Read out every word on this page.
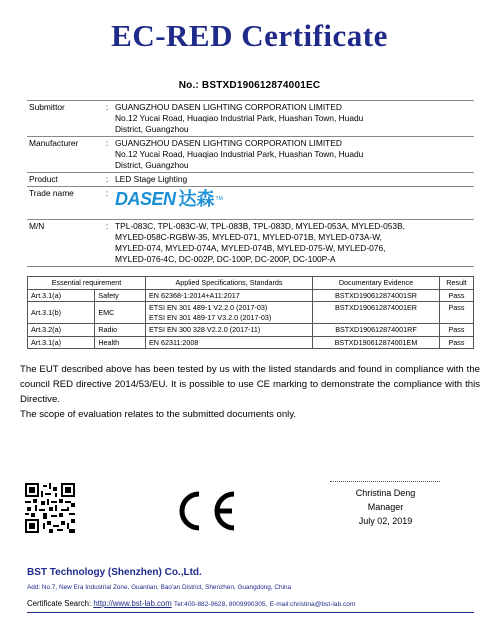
EC-RED Certificate
No.: BSTXD190612874001EC
Submittor	:	GUANGZHOU DASEN LIGHTING CORPORATION LIMITED
No.12 Yucai Road, Huaqiao Industrial Park, Huashan Town, Huadu
District, Guangzhou

Manufacturer	:	GUANGZHOU DASEN LIGHTING CORPORATION LIMITED
No.12 Yucai Road, Huaqiao Industrial Park, Huashan Town, Huadu
District, Guangzhou

Product	:	LED Stage Lighting
Trade name	:	DASEN 达森 TM

M/N	:	TPL-083C, TPL-083C-W, TPL-083B, TPL-083D, MYLED-053A, MYLED-053B,
MYLED-058C-RGBW-35, MYLED-071, MYLED-071B, MYLED-073A-W,
MYLED-074, MYLED-074A, MYLED-074B, MYLED-075-W, MYLED-076,
MYLED-076-4C, DC-002P, DC-100P, DC-200P, DC-100P-A
Essential requirement		Applied Specifications, Standards	Documentary Evidence	Result
Art.3.1(a)	Safety	EN 62368-1:2014+A11:2017	BSTXD190612874001SR	Pass
Art.3.1(b)	EMC	ETSI EN 301 489-1 V2.2.0 (2017-03)
ETSI EN 301 489-17 V3.2.0 (2017-03)	BSTXD190612874001ER	Pass
Art.3.2(a)	Radio	ETSI EN 300 328 V2.2.0 (2017-11)	BSTXD190612874001RF	Pass
Art.3.1(a)	Health	EN 62311:2008	BSTXD190612874001EM	Pass
The EUT described above has been tested by us with the listed standards and found in compliance with the council RED directive 2014/53/EU. It is possible to use CE marking to demonstrate the compliance with this Directive.
The scope of evaluation relates to the submitted documents only.
Christina Deng
Manager
July 02, 2019
BST Technology (Shenzhen) Co.,Ltd.
Add: No.7, New Era Industrial Zone, Guantian, Bao'an District, Shenzhen, Guangdong, China
Certificate Search: http://www.bst-lab.com Tel:400-882-9628, 8009990305, E-mail:christina@bst-lab.com
